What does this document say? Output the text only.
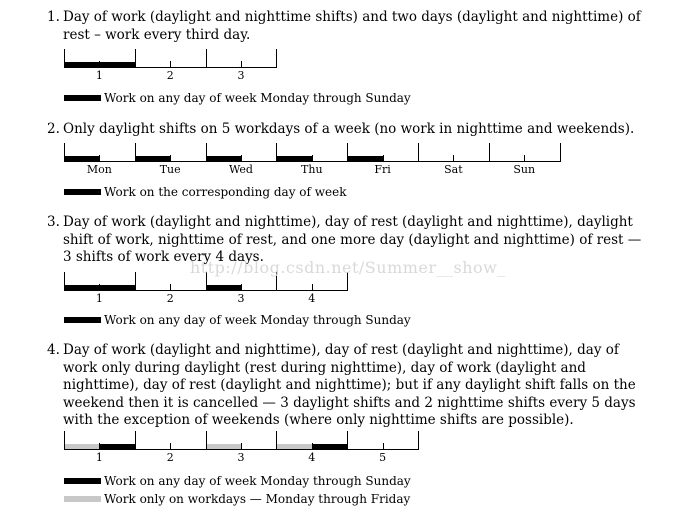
1. Day of work (daylight and nighttime shifts) and two days (daylight and nighttime) of rest – work every third day.
1	2	3
Work on any day of week Monday through Sunday
2. Only daylight shifts on 5 workdays of a week (no work in nighttime and weekends).
Mon	Tue	Wed	Thu	Fri	Sat	Sun
Work on the corresponding day of week
3. Day of work (daylight and nighttime), day of rest (daylight and nighttime), daylight shift of work, nighttime of rest, and one more day (daylight and nighttime) of rest — 3 shifts of work every 4 days.
1	2	3	4
Work on any day of week Monday through Sunday
4. Day of work (daylight and nighttime), day of rest (daylight and nighttime), day of work only during daylight (rest during nighttime), day of work (daylight and nighttime), day of rest (daylight and nighttime); but if any daylight shift falls on the weekend then it is cancelled — 3 daylight shifts and 2 nighttime shifts every 5 days with the exception of weekends (where only nighttime shifts are possible).
1	2	3	4	5
Work on any day of week Monday through Sunday
Work only on workdays — Monday through Friday
http://blog.csdn.net/Summer__show_
